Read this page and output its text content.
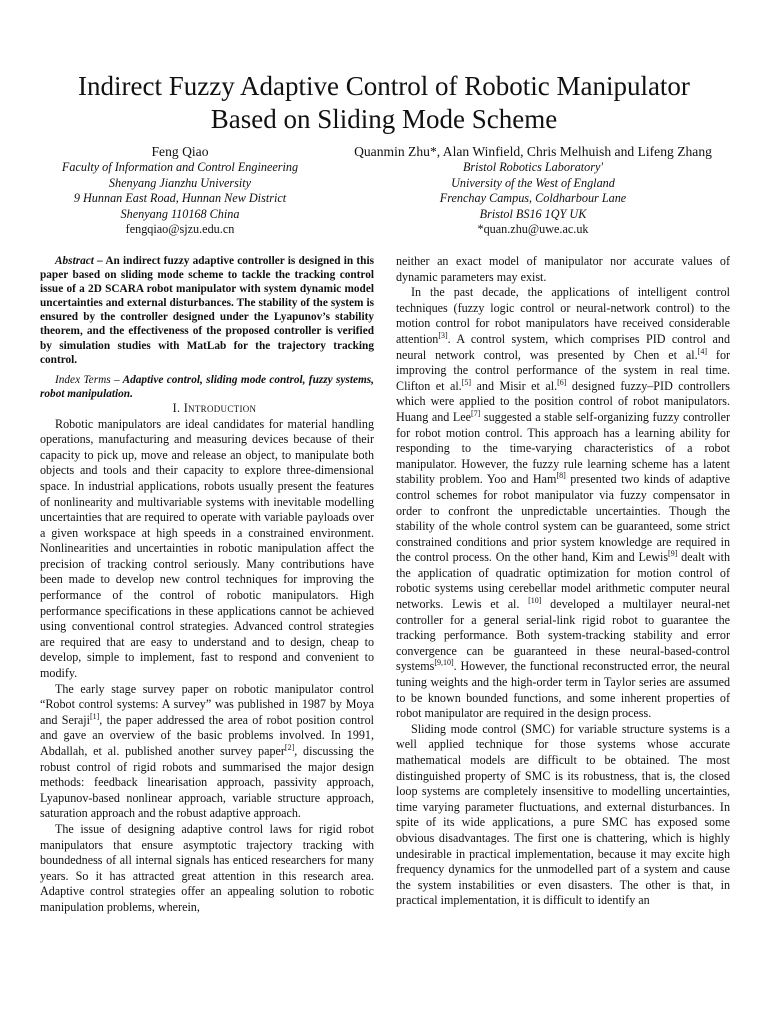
Indirect Fuzzy Adaptive Control of Robotic Manipulator
Based on Sliding Mode Scheme
Feng Qiao
Faculty of Information and Control Engineering
Shenyang Jianzhu University
9 Hunnan East Road, Hunnan New District
Shenyang 110168 China
fengqiao@sjzu.edu.cn
Quanmin Zhu*, Alan Winfield, Chris Melhuish and Lifeng Zhang
Bristol Robotics Laboratory'
University of the West of England
Frenchay Campus, Coldharbour Lane
Bristol BS16 1QY UK
*quan.zhu@uwe.ac.uk

Abstract – An indirect fuzzy adaptive controller is designed in this paper based on sliding mode scheme to tackle the tracking control issue of a 2D SCARA robot manipulator with system dynamic model uncertainties and external disturbances. The stability of the system is ensured by the controller designed under the Lyapunov’s stability theorem, and the effectiveness of the proposed controller is verified by simulation studies with MatLab for the trajectory tracking control.

Index Terms – Adaptive control, sliding mode control, fuzzy systems, robot manipulation.

I. Introduction

Robotic manipulators are ideal candidates for material handling operations, manufacturing and measuring devices because of their capacity to pick up, move and release an object, to manipulate both objects and tools and their capacity to explore three-dimensional space. In industrial applications, robots usually present the features of nonlinearity and multivariable systems with inevitable modelling uncertainties that are required to operate with variable payloads over a given workspace at high speeds in a constrained environment. Nonlinearities and uncertainties in robotic manipulation affect the precision of tracking control seriously. Many contributions have been made to develop new control techniques for improving the performance of the control of robotic manipulators. High performance specifications in these applications cannot be achieved using conventional control strategies. Advanced control strategies are required that are easy to understand and to design, cheap to develop, simple to implement, fast to respond and convenient to modify.

The early stage survey paper on robotic manipulator control “Robot control systems: A survey” was published in 1987 by Moya and Seraji[1], the paper addressed the area of robot position control and gave an overview of the basic problems involved. In 1991, Abdallah, et al. published another survey paper[2], discussing the robust control of rigid robots and summarised the major design methods: feedback linearisation approach, passivity approach, Lyapunov-based nonlinear approach, variable structure approach, saturation approach and the robust adaptive approach.

The issue of designing adaptive control laws for rigid robot manipulators that ensure asymptotic trajectory tracking with boundedness of all internal signals has enticed researchers for many years. So it has attracted great attention in this research area. Adaptive control strategies offer an appealing solution to robotic manipulation problems, wherein,

neither an exact model of manipulator nor accurate values of dynamic parameters may exist.

In the past decade, the applications of intelligent control techniques (fuzzy logic control or neural-network control) to the motion control for robot manipulators have received considerable attention[3]. A control system, which comprises PID control and neural network control, was presented by Chen et al.[4] for improving the control performance of the system in real time. Clifton et al.[5] and Misir et al.[6] designed fuzzy–PID controllers which were applied to the position control of robot manipulators. Huang and Lee[7] suggested a stable self-organizing fuzzy controller for robot motion control. This approach has a learning ability for responding to the time-varying characteristics of a robot manipulator. However, the fuzzy rule learning scheme has a latent stability problem. Yoo and Ham[8] presented two kinds of adaptive control schemes for robot manipulator via fuzzy compensator in order to confront the unpredictable uncertainties. Though the stability of the whole control system can be guaranteed, some strict constrained conditions and prior system knowledge are required in the control process. On the other hand, Kim and Lewis[9] dealt with the application of quadratic optimization for motion control of robotic systems using cerebellar model arithmetic computer neural networks. Lewis et al. [10] developed a multilayer neural-net controller for a general serial-link rigid robot to guarantee the tracking performance. Both system-tracking stability and error convergence can be guaranteed in these neural-based-control systems[9,10]. However, the functional reconstructed error, the neural tuning weights and the high-order term in Taylor series are assumed to be known bounded functions, and some inherent properties of robot manipulator are required in the design process.

Sliding mode control (SMC) for variable structure systems is a well applied technique for those systems whose accurate mathematical models are difficult to be obtained. The most distinguished property of SMC is its robustness, that is, the closed loop systems are completely insensitive to modelling uncertainties, time varying parameter fluctuations, and external disturbances. In spite of its wide applications, a pure SMC has exposed some obvious disadvantages. The first one is chattering, which is highly undesirable in practical implementation, because it may excite high frequency dynamics for the unmodelled part of a system and cause the system instabilities or even disasters. The other is that, in practical implementation, it is difficult to identify an
